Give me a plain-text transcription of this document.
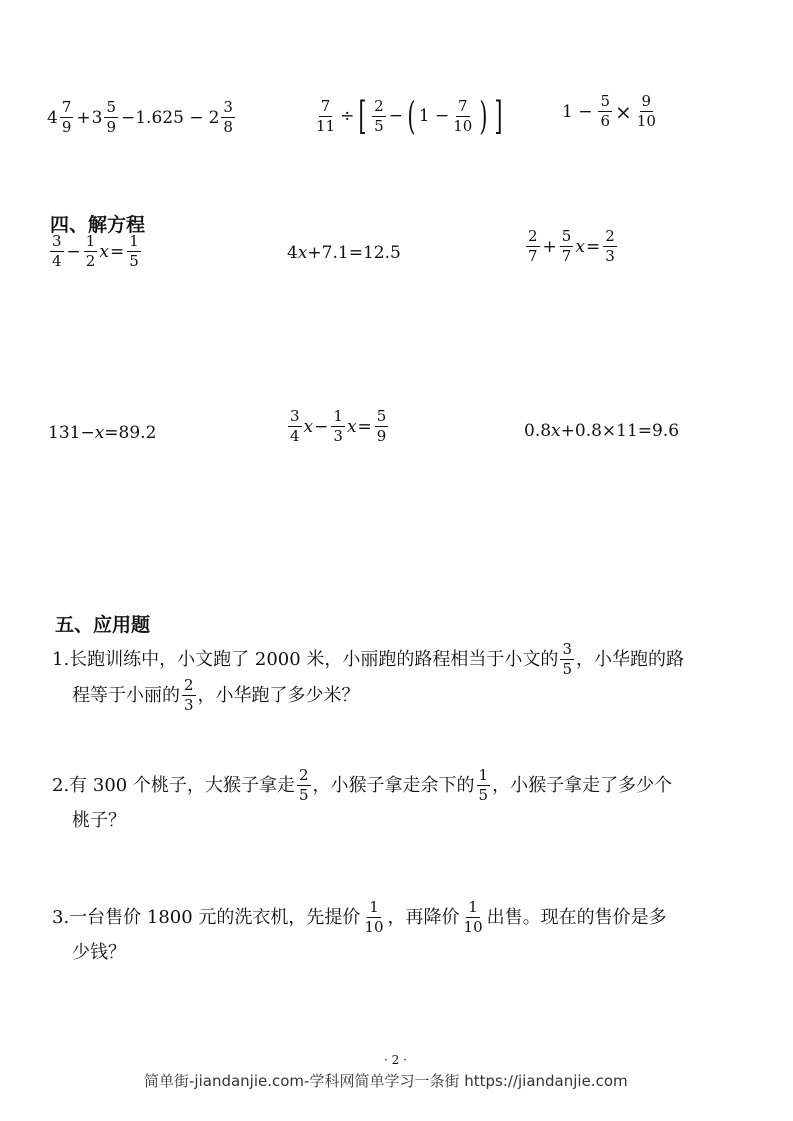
$4 \frac{7}{9} + 3 \frac{5}{9} -1.625 - 2 \frac{3}{8}$	$\frac{7}{11}$ ÷ [ $\frac{2}{5}$ − ( $1 - \frac{7}{10}$ ) ]	$1 - \frac{5}{6} \times \frac{9}{10}$
四、解方程
$\frac{3}{4} - \frac{1}{2}$ $x = \frac{1}{5}$	4 x +7.1=12.5	$\frac{2}{7} + \frac{5}{7}$ $x = \frac{2}{3}$
131− x =89.2	$\frac{3}{4}$ $x - \frac{1}{3}$ $x = \frac{5}{9}$	0.8 x +0.8×11=9.6
五、应用题
1.长跑训练中，小文跑了 2000 米，小丽跑的路程相当于小文的 $\frac{3}{5}$ ，小华跑的路
程等于小丽的 $\frac{2}{3}$ ，小华跑了多少米？
2.有 300 个桃子，大猴子拿走 $\frac{2}{5}$ ，小猴子拿走余下的 $\frac{1}{5}$ ，小猴子拿走了多少个
桃子？
3.一台售价 1800 元的洗衣机，先提价 $\frac{1}{10}$ ，再降价 $\frac{1}{10}$ 出售。现在的售价是多
少钱？
· 2 ·
简单街-jiandanjie.com-学科网简单学习一条街 https://jiandanjie.com
